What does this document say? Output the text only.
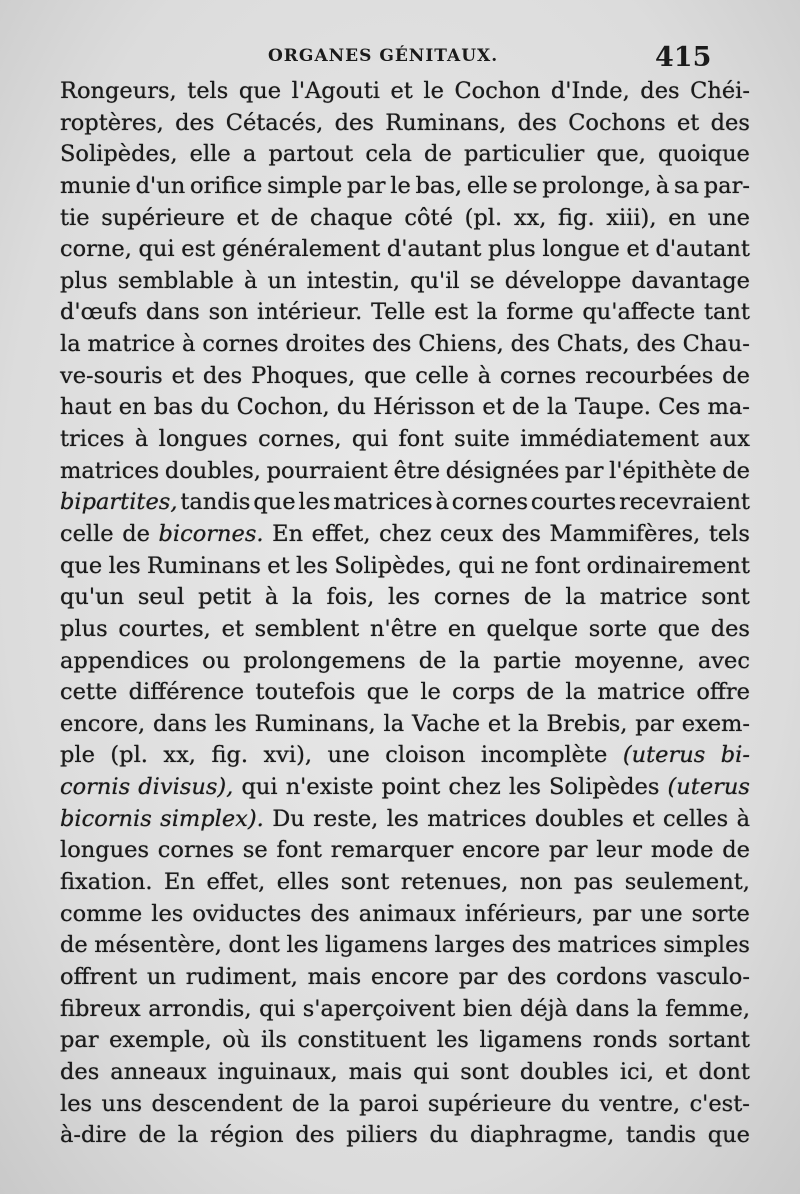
ORGANES GÉNITAUX.	415
Rongeurs, tels que l'Agouti et le Cochon d'Inde, des Chéi-
roptères, des Cétacés, des Ruminans, des Cochons et des
Solipèdes, elle a partout cela de particulier que, quoique
munie d'un orifice simple par le bas, elle se prolonge, à sa par-
tie supérieure et de chaque côté (pl. xx, fig. xiii), en une
corne, qui est généralement d'autant plus longue et d'autant
plus semblable à un intestin, qu'il se développe davantage
d'œufs dans son intérieur. Telle est la forme qu'affecte tant
la matrice à cornes droites des Chiens, des Chats, des Chau-
ve-souris et des Phoques, que celle à cornes recourbées de
haut en bas du Cochon, du Hérisson et de la Taupe. Ces ma-
trices à longues cornes, qui font suite immédiatement aux
matrices doubles, pourraient être désignées par l'épithète de
bipartites, tandis que les matrices à cornes courtes recevraient
celle de bicornes. En effet, chez ceux des Mammifères, tels
que les Ruminans et les Solipèdes, qui ne font ordinairement
qu'un seul petit à la fois, les cornes de la matrice sont
plus courtes, et semblent n'être en quelque sorte que des
appendices ou prolongemens de la partie moyenne, avec
cette différence toutefois que le corps de la matrice offre
encore, dans les Ruminans, la Vache et la Brebis, par exem-
ple (pl. xx, fig. xvi), une cloison incomplète (uterus bi-
cornis divisus), qui n'existe point chez les Solipèdes (uterus
bicornis simplex). Du reste, les matrices doubles et celles à
longues cornes se font remarquer encore par leur mode de
fixation. En effet, elles sont retenues, non pas seulement,
comme les oviductes des animaux inférieurs, par une sorte
de mésentère, dont les ligamens larges des matrices simples
offrent un rudiment, mais encore par des cordons vasculo-
fibreux arrondis, qui s'aperçoivent bien déjà dans la femme,
par exemple, où ils constituent les ligamens ronds sortant
des anneaux inguinaux, mais qui sont doubles ici, et dont
les uns descendent de la paroi supérieure du ventre, c'est-
à-dire de la région des piliers du diaphragme, tandis que
